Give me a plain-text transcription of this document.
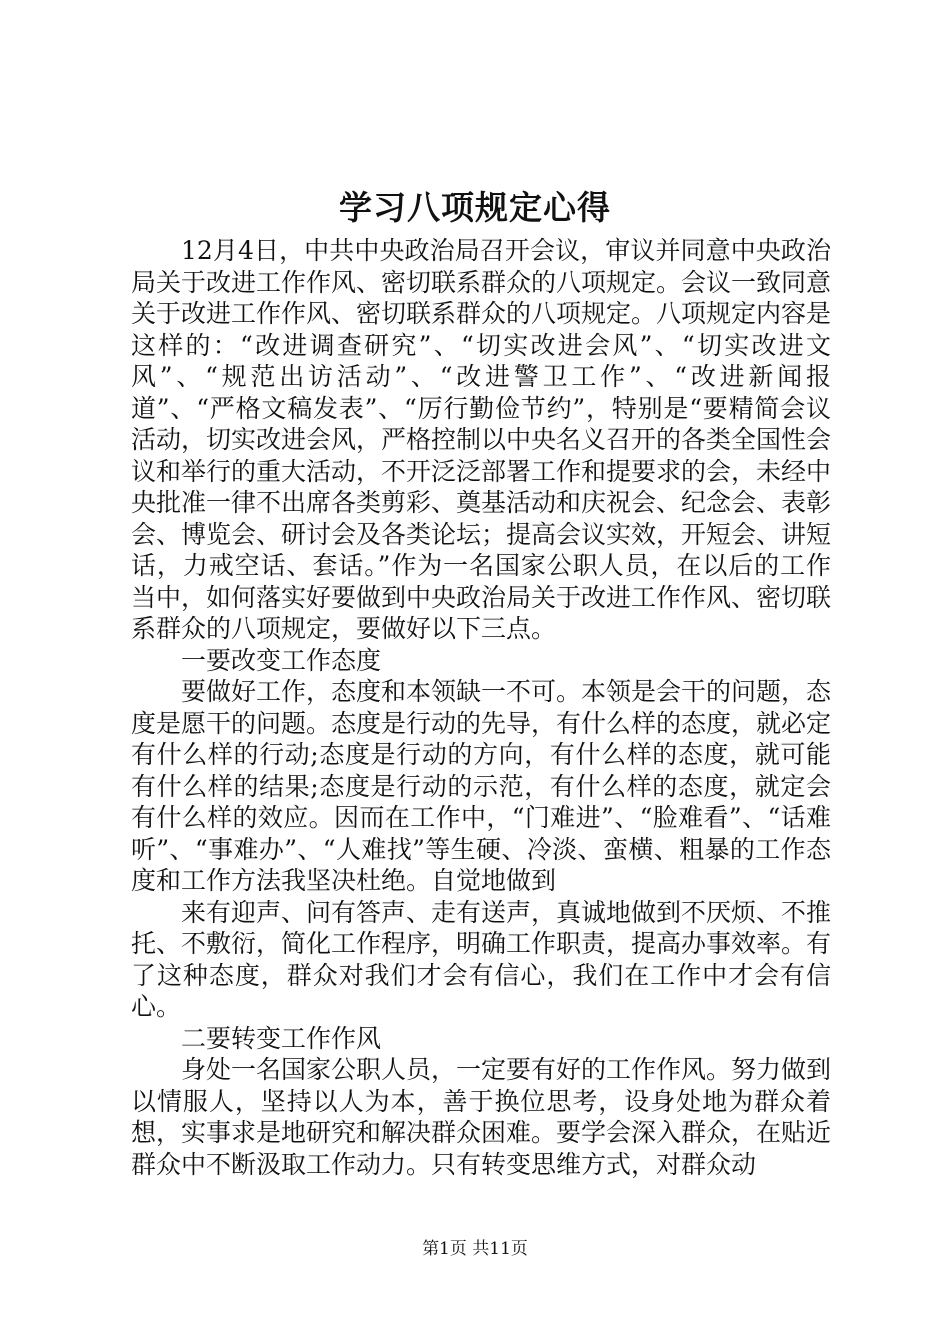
学习八项规定心得

12月4日，中共中央政治局召开会议，审议并同意中央政治局关于改进工作作风、密切联系群众的八项规定。会议一致同意关于改进工作作风、密切联系群众的八项规定。八项规定内容是这样的：“改进调查研究”、“切实改进会风”、“切实改进文风”、“规范出访活动”、“改进警卫工作”、“改进新闻报道”、“严格文稿发表”、“厉行勤俭节约”，特别是“要精简会议活动，切实改进会风，严格控制以中央名义召开的各类全国性会议和举行的重大活动，不开泛泛部署工作和提要求的会，未经中央批准一律不出席各类剪彩、奠基活动和庆祝会、纪念会、表彰会、博览会、研讨会及各类论坛；提高会议实效，开短会、讲短话，力戒空话、套话。”作为一名国家公职人员，在以后的工作当中，如何落实好要做到中央政治局关于改进工作作风、密切联系群众的八项规定，要做好以下三点。

一要改变工作态度

要做好工作，态度和本领缺一不可。本领是会干的问题，态度是愿干的问题。态度是行动的先导，有什么样的态度，就必定有什么样的行动;态度是行动的方向，有什么样的态度，就可能有什么样的结果;态度是行动的示范，有什么样的态度，就定会有什么样的效应。因而在工作中，“门难进”、“脸难看”、“话难听”、“事难办”、“人难找”等生硬、冷淡、蛮横、粗暴的工作态度和工作方法我坚决杜绝。自觉地做到

来有迎声、问有答声、走有送声，真诚地做到不厌烦、不推托、不敷衍，简化工作程序，明确工作职责，提高办事效率。有了这种态度，群众对我们才会有信心，我们在工作中才会有信心。

二要转变工作作风

身处一名国家公职人员，一定要有好的工作作风。努力做到以情服人，坚持以人为本，善于换位思考，设身处地为群众着想，实事求是地研究和解决群众困难。要学会深入群众，在贴近群众中不断汲取工作动力。只有转变思维方式，对群众动

第1页 共11页
